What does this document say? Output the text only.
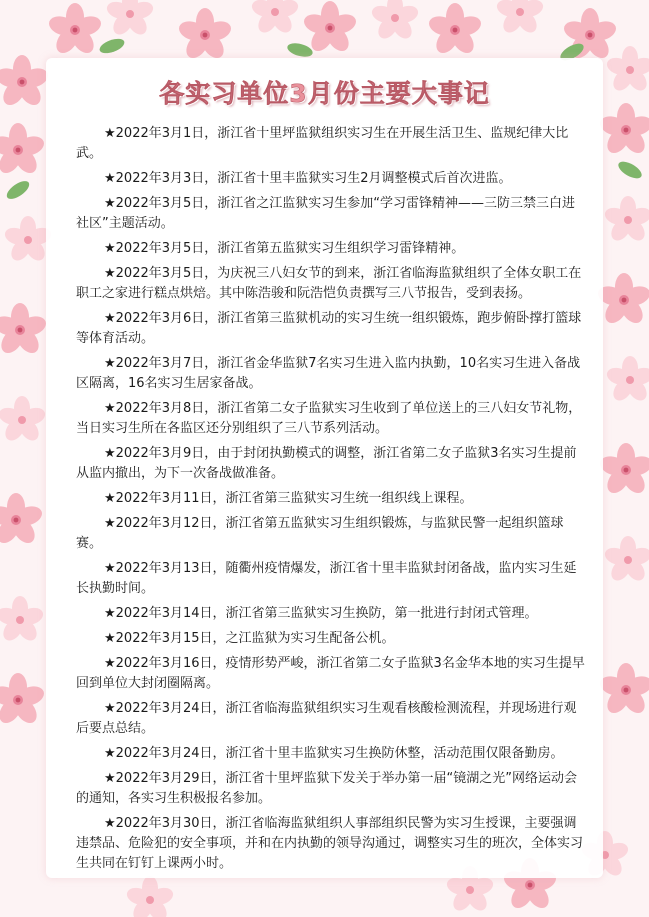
各实习单位3月份主要大事记

★2022年3月1日，浙江省十里坪监狱组织实习生在开展生活卫生、监规纪律大比武。

★2022年3月3日，浙江省十里丰监狱实习生2月调整模式后首次进监。

★2022年3月5日，浙江省之江监狱实习生参加“学习雷锋精神——三防三禁三白进社区”主题活动。

★2022年3月5日，浙江省第五监狱实习生组织学习雷锋精神。

★2022年3月5日，为庆祝三八妇女节的到来，浙江省临海监狱组织了全体女职工在职工之家进行糕点烘焙。其中陈浩骏和阮浩恺负责撰写三八节报告，受到表扬。

★2022年3月6日，浙江省第三监狱机动的实习生统一组织锻炼，跑步俯卧撑打篮球等体育活动。

★2022年3月7日，浙江省金华监狱7名实习生进入监内执勤，10名实习生进入备战区隔离，16名实习生居家备战。

★2022年3月8日，浙江省第二女子监狱实习生收到了单位送上的三八妇女节礼物，当日实习生所在各监区还分别组织了三八节系列活动。

★2022年3月9日，由于封闭执勤模式的调整，浙江省第二女子监狱3名实习生提前从监内撤出，为下一次备战做准备。

★2022年3月11日，浙江省第三监狱实习生统一组织线上课程。

★2022年3月12日，浙江省第五监狱实习生组织锻炼，与监狱民警一起组织篮球赛。

★2022年3月13日，随衢州疫情爆发，浙江省十里丰监狱封闭备战，监内实习生延长执勤时间。

★2022年3月14日，浙江省第三监狱实习生换防，第一批进行封闭式管理。

★2022年3月15日，之江监狱为实习生配备公机。

★2022年3月16日，疫情形势严峻，浙江省第二女子监狱3名金华本地的实习生提早回到单位大封闭圈隔离。

★2022年3月24日，浙江省临海监狱组织实习生观看核酸检测流程，并现场进行观后要点总结。

★2022年3月24日，浙江省十里丰监狱实习生换防休整，活动范围仅限备勤房。

★2022年3月29日，浙江省十里坪监狱下发关于举办第一届“镜湖之光”网络运动会的通知，各实习生积极报名参加。

★2022年3月30日，浙江省临海监狱组织人事部组织民警为实习生授课，主要强调违禁品、危险犯的安全事项，并和在内执勤的领导沟通过，调整实习生的班次，全体实习生共同在钉钉上课两小时。
